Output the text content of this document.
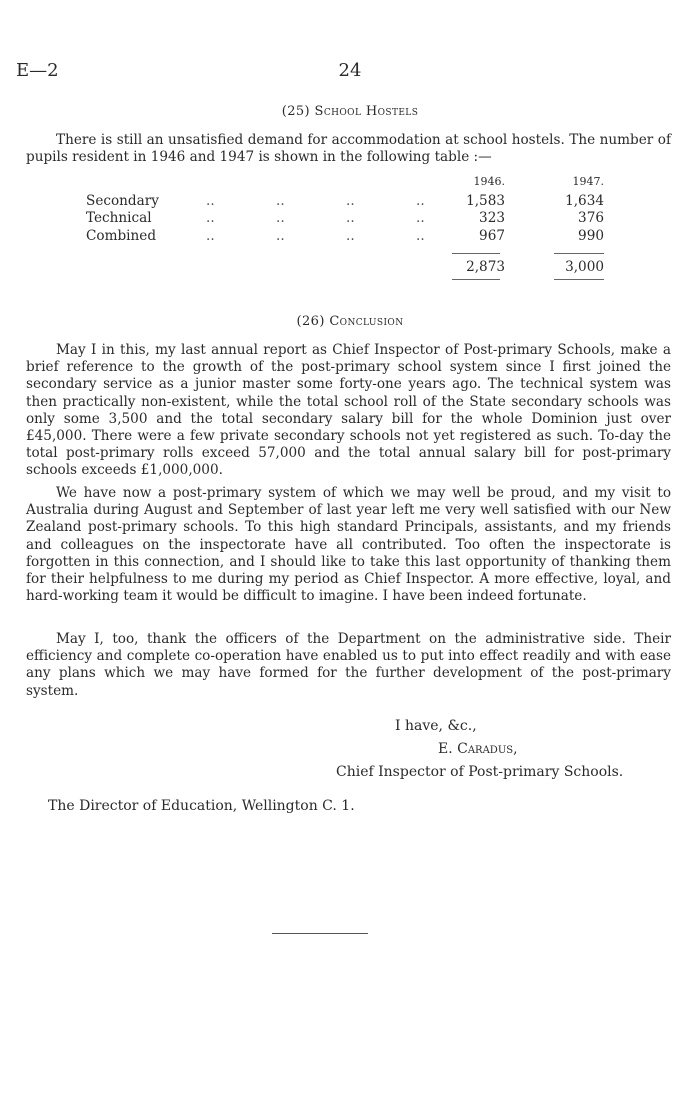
E—2	24
(25) School Hostels

There is still an unsatisfied demand for accommodation at school hostels. The number of pupils resident in 1946 and 1947 is shown in the following table :—

1946.	1947.
Secondary	..	..	..	..	1,583	1,634
Technical	..	..	..	..	323	376
Combined	..	..	..	..	967	990
2,873	3,000
(26) Conclusion

May I in this, my last annual report as Chief Inspector of Post-primary Schools, make a brief reference to the growth of the post-primary school system since I first joined the secondary service as a junior master some forty-one years ago. The technical system was then practically non-existent, while the total school roll of the State secondary schools was only some 3,500 and the total secondary salary bill for the whole Dominion just over £45,000. There were a few private secondary schools not yet registered as such. To-day the total post-primary rolls exceed 57,000 and the total annual salary bill for post-primary schools exceeds £1,000,000.

We have now a post-primary system of which we may well be proud, and my visit to Australia during August and September of last year left me very well satisfied with our New Zealand post-primary schools. To this high standard Principals, assistants, and my friends and colleagues on the inspectorate have all contributed. Too often the inspectorate is forgotten in this connection, and I should like to take this last opportunity of thanking them for their helpfulness to me during my period as Chief Inspector. A more effective, loyal, and hard-working team it would be difficult to imagine. I have been indeed fortunate.

May I, too, thank the officers of the Department on the administrative side. Their efficiency and complete co-operation have enabled us to put into effect readily and with ease any plans which we may have formed for the further development of the post-primary system.

I have, &c.,
E. Caradus,
Chief Inspector of Post-primary Schools.
The Director of Education, Wellington C. 1.
